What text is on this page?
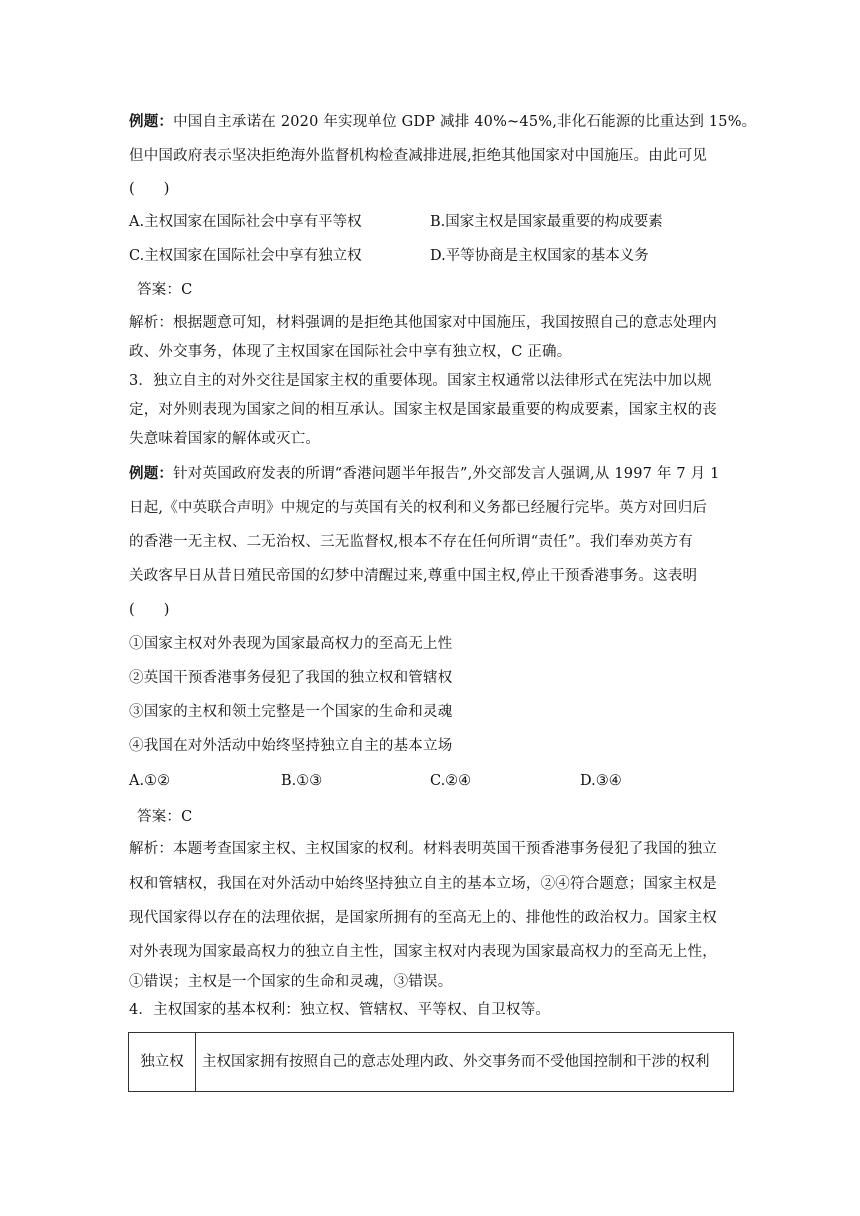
例题：中国自主承诺在 2020 年实现单位 GDP 减排 40%~45%,非化石能源的比重达到 15%。
但中国政府表示坚决拒绝海外监督机构检查减排进展,拒绝其他国家对中国施压。由此可见
(      )
A.主权国家在国际社会中享有平等权	B.国家主权是国家最重要的构成要素
C.主权国家在国际社会中享有独立权	D.平等协商是主权国家的基本义务
答案：C
解析：根据题意可知，材料强调的是拒绝其他国家对中国施压，我国按照自己的意志处理内
政、外交事务，体现了主权国家在国际社会中享有独立权，C 正确。
3．独立自主的对外交往是国家主权的重要体现。国家主权通常以法律形式在宪法中加以规
定，对外则表现为国家之间的相互承认。国家主权是国家最重要的构成要素，国家主权的丧
失意味着国家的解体或灭亡。
例题：针对英国政府发表的所谓“香港问题半年报告”,外交部发言人强调,从 1997 年 7 月 1
日起,《中英联合声明》中规定的与英国有关的权利和义务都已经履行完毕。英方对回归后
的香港一无主权、二无治权、三无监督权,根本不存在任何所谓“责任”。我们奉劝英方有
关政客早日从昔日殖民帝国的幻梦中清醒过来,尊重中国主权,停止干预香港事务。这表明
(      )
①国家主权对外表现为国家最高权力的至高无上性
②英国干预香港事务侵犯了我国的独立权和管辖权
③国家的主权和领土完整是一个国家的生命和灵魂
④我国在对外活动中始终坚持独立自主的基本立场
A.①②	B.①③	C.②④	D.③④
答案：C
解析：本题考查国家主权、主权国家的权利。材料表明英国干预香港事务侵犯了我国的独立
权和管辖权，我国在对外活动中始终坚持独立自主的基本立场，②④符合题意；国家主权是
现代国家得以存在的法理依据，是国家所拥有的至高无上的、排他性的政治权力。国家主权
对外表现为国家最高权力的独立自主性，国家主权对内表现为国家最高权力的至高无上性，
①错误；主权是一个国家的生命和灵魂，③错误。
4．主权国家的基本权利：独立权、管辖权、平等权、自卫权等。
独立权	主权国家拥有按照自己的意志处理内政、外交事务而不受他国控制和干涉的权利
